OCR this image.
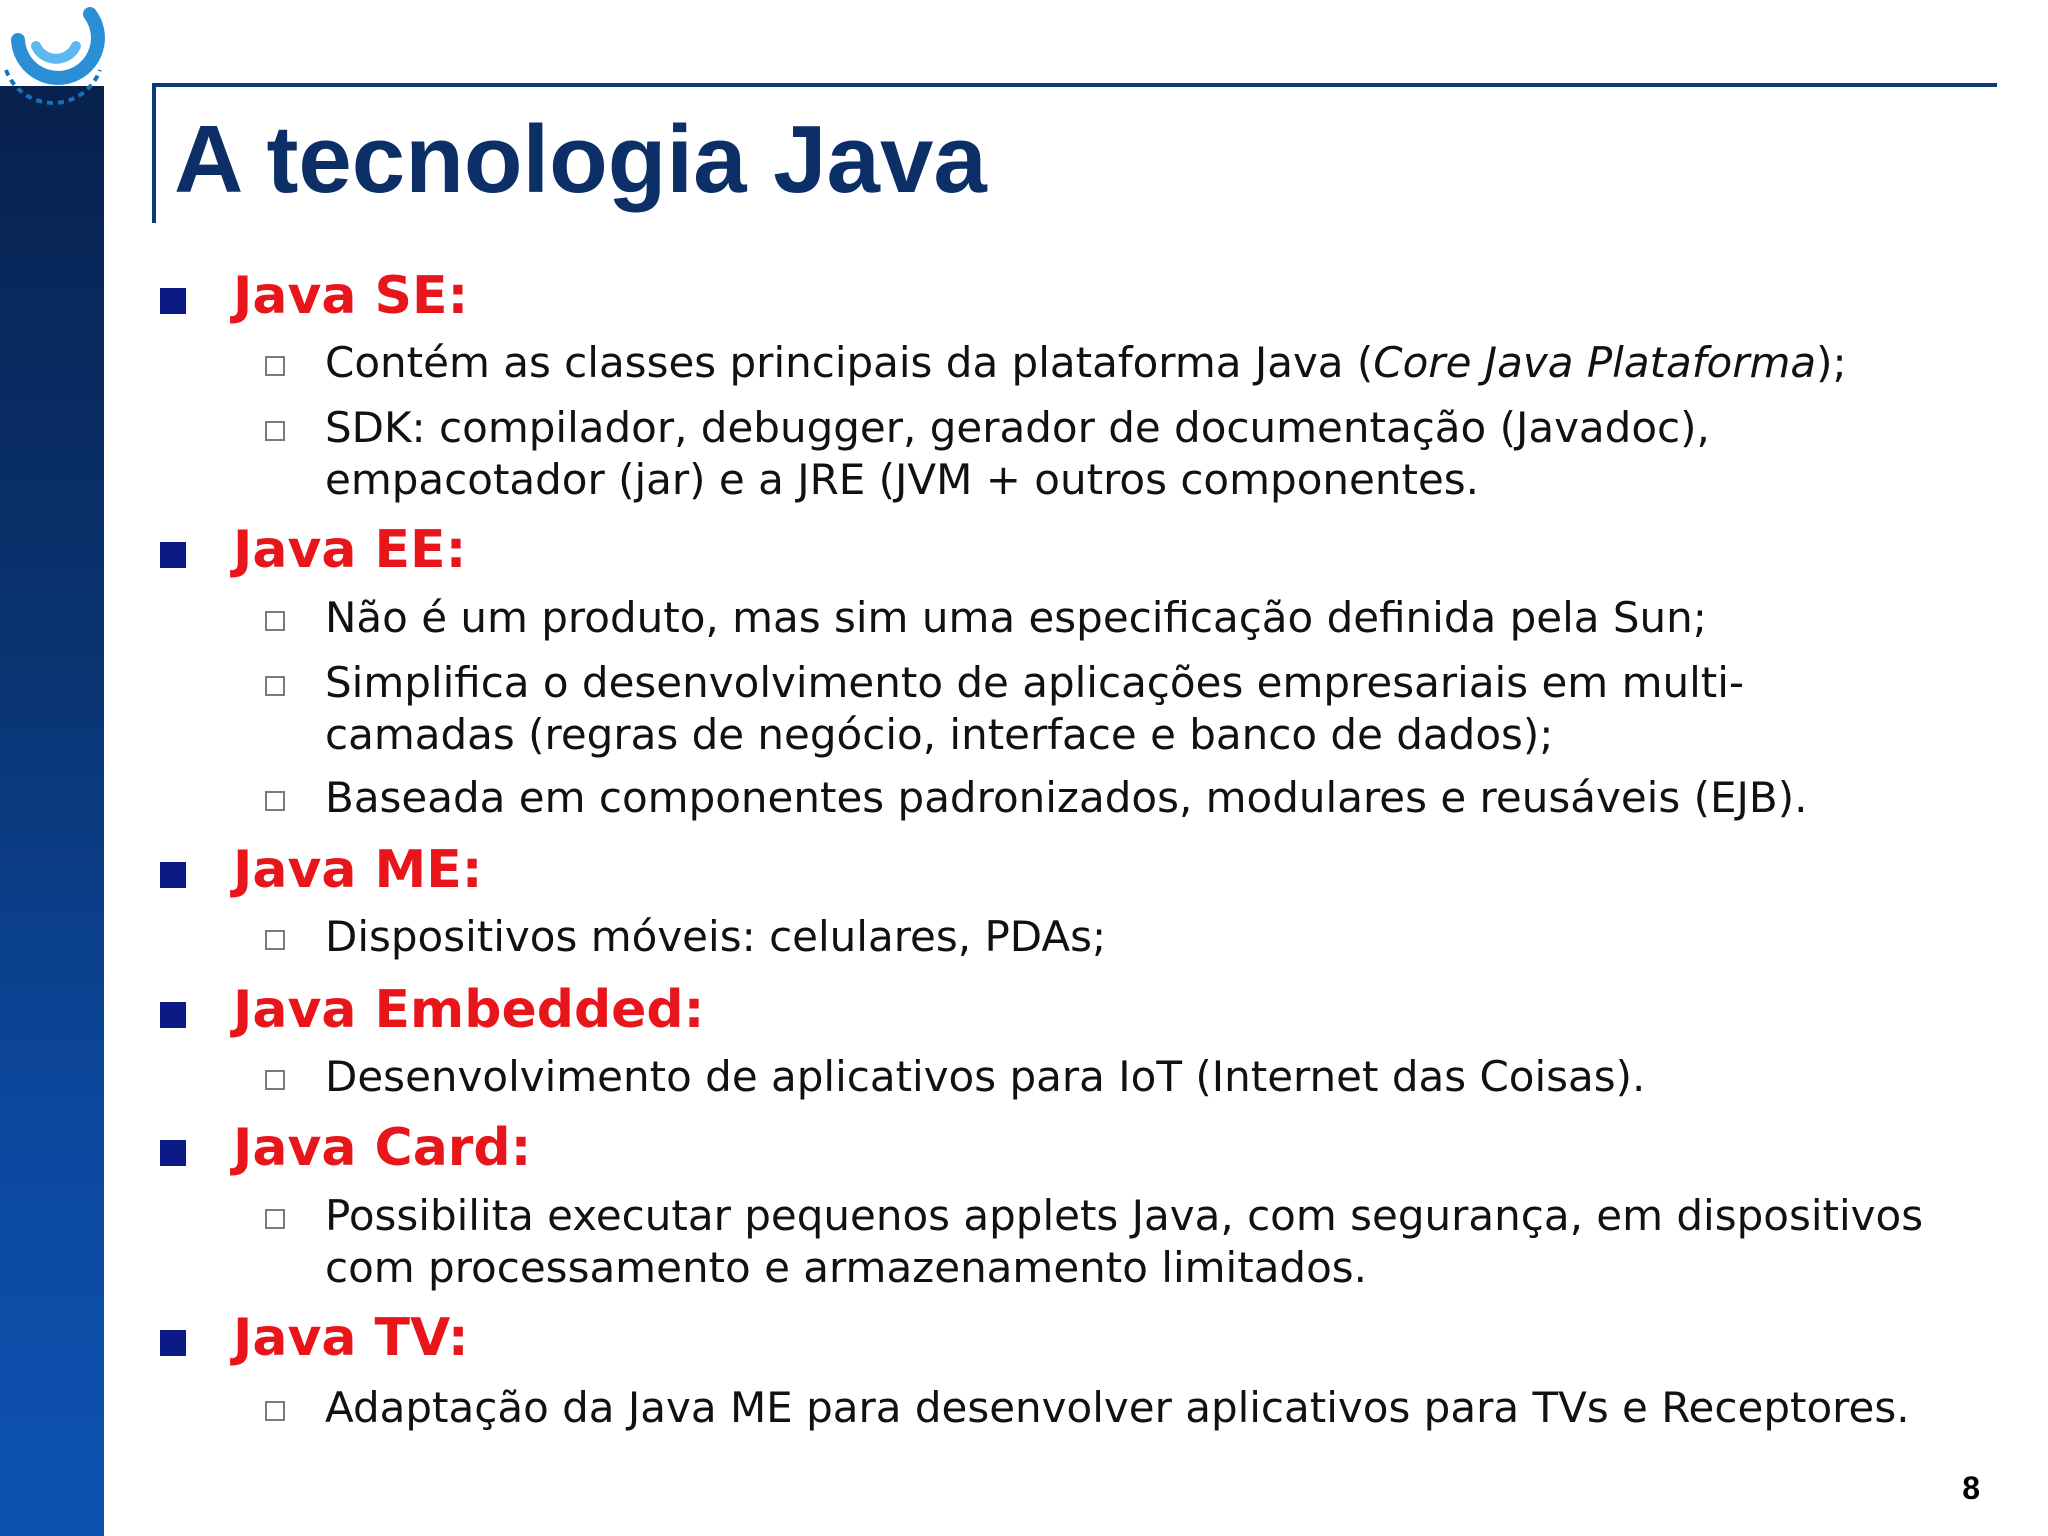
A tecnologia Java
Java SE:
Contém as classes principais da plataforma Java (Core Java Plataforma);
SDK: compilador, debugger, gerador de documentação (Javadoc),
empacotador (jar) e a JRE (JVM + outros componentes.
Java EE:
Não é um produto, mas sim uma especificação definida pela Sun;
Simplifica o desenvolvimento de aplicações empresariais em multi-
camadas (regras de negócio, interface e banco de dados);
Baseada em componentes padronizados, modulares e reusáveis (EJB).
Java ME:
Dispositivos móveis: celulares, PDAs;
Java Embedded:
Desenvolvimento de aplicativos para IoT (Internet das Coisas).
Java Card:
Possibilita executar pequenos applets Java, com segurança, em dispositivos
com processamento e armazenamento limitados.
Java TV:
Adaptação da Java ME para desenvolver aplicativos para TVs e Receptores.
8
